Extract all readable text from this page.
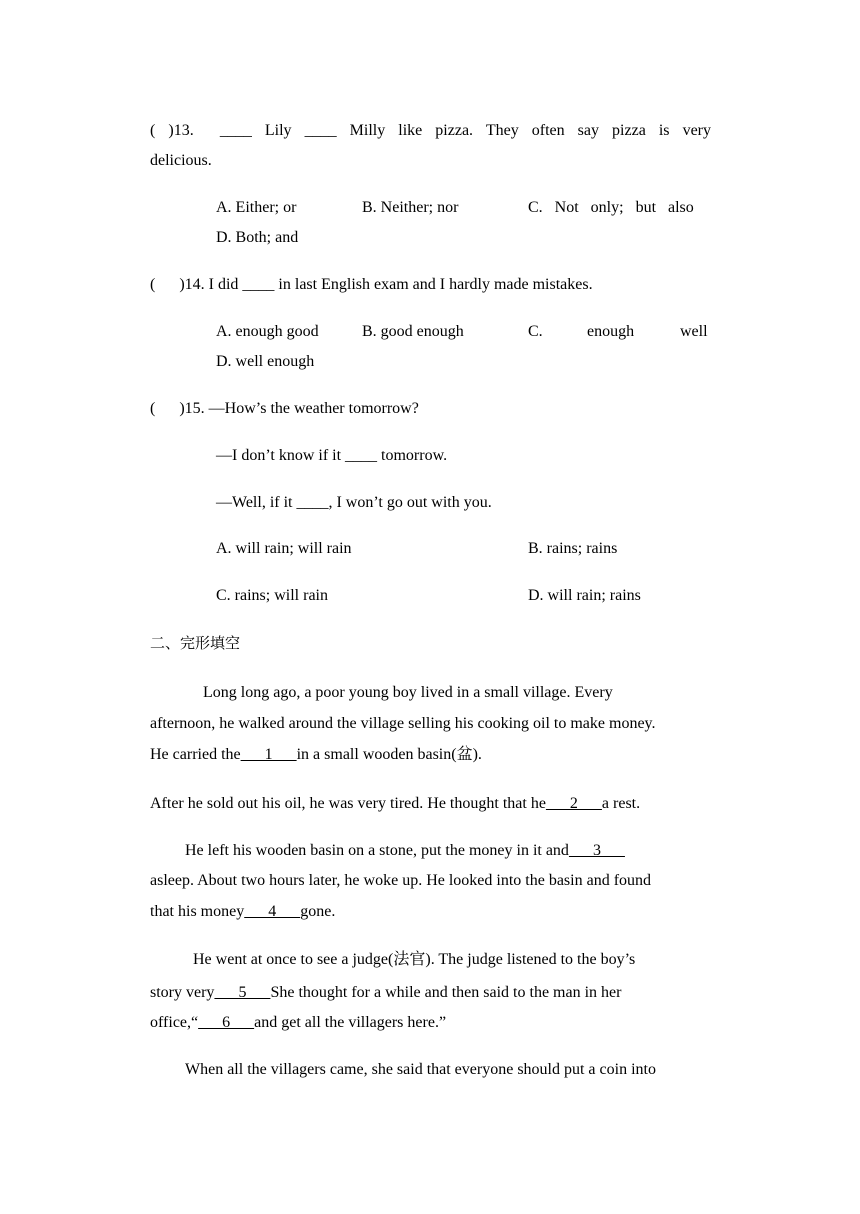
( )13. ____ Lily ____ Milly like pizza. They often say pizza is very
delicious.
A. Either; or	B. Neither; nor	C.   Not   only;   but   also
D. Both; and
(      )14. I did ____ in last English exam and I hardly made mistakes.
A. enough good	B. good enough	C.	enough	well
D. well enough
(      )15. —How’s the weather tomorrow?
—I don’t know if it ____ tomorrow.
—Well, if it ____, I won’t go out with you.
A. will rain; will rain	B. rains; rains
C. rains; will rain	D. will rain; rains
二、完形填空
Long long ago, a poor young boy lived in a small village. Every
afternoon, he walked around the village selling his cooking oil to make money.
He carried the      1      in a small wooden basin(盆).
After he sold out his oil, he was very tired. He thought that he      2      a rest.
He left his wooden basin on a stone, put the money in it and      3
asleep. About two hours later, he woke up. He looked into the basin and found
that his money      4      gone.
He went at once to see a judge(法官). The judge listened to the boy’s
story very      5      She thought for a while and then said to the man in her
office,“      6      and get all the villagers here.”
When all the villagers came, she said that everyone should put a coin into
